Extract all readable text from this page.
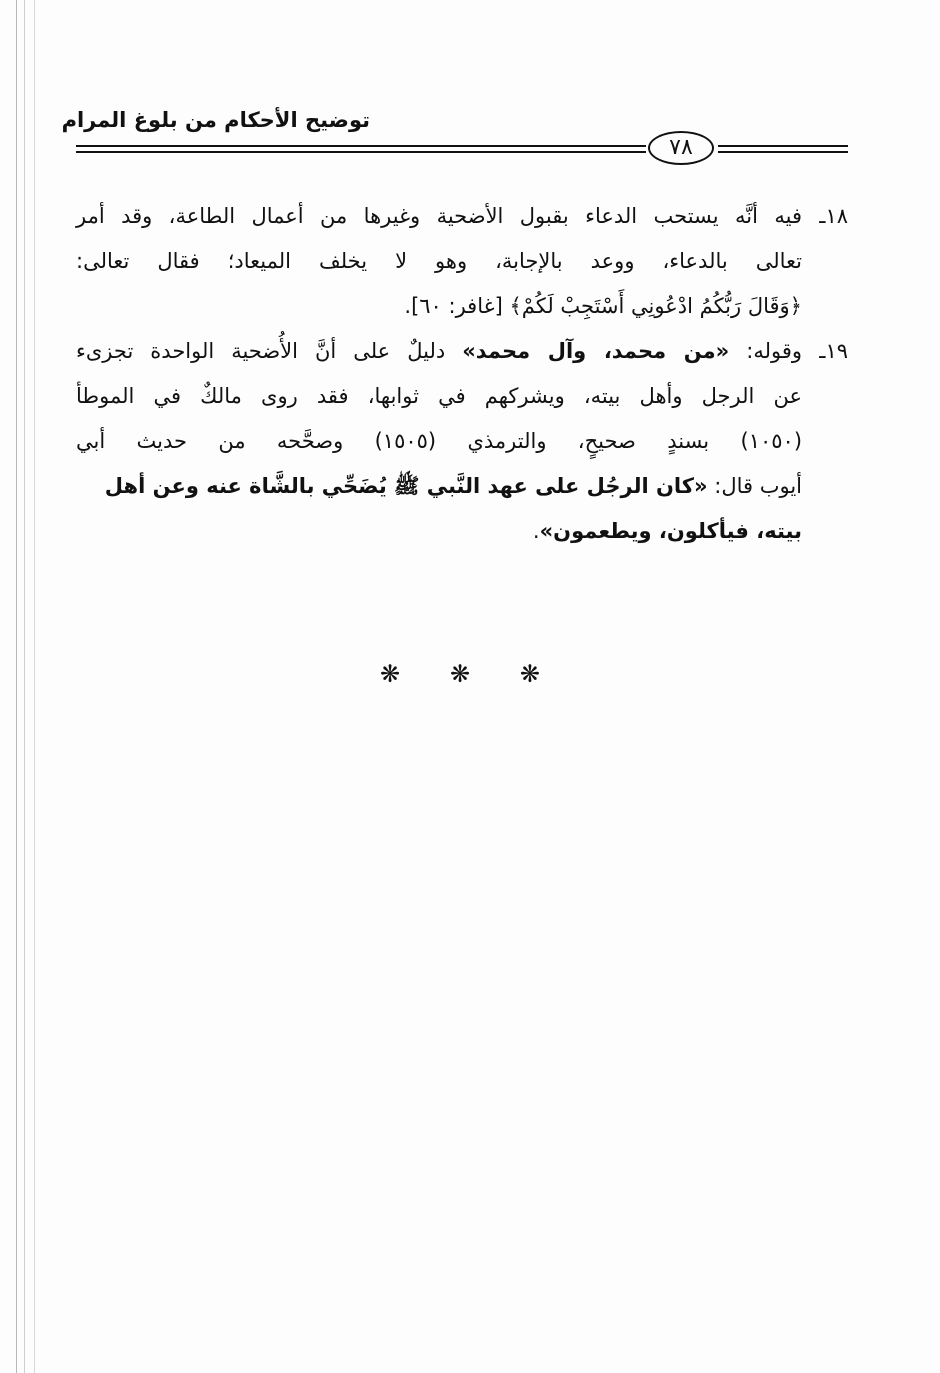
توضيح الأحكام من بلوغ المرام
٧٨
١٨ـفيه أنَّه يستحب الدعاء بقبول الأضحية وغيرها من أعمال الطاعة، وقد أمر
تعالى بالدعاء، ووعد بالإجابة، وهو لا يخلف الميعاد؛ فقال تعالى:
﴿وَقَالَ رَبُّكُمُ ادْعُونِي أَسْتَجِبْ لَكُمْ﴾ [غافر: ٦٠].
١٩ـوقوله: «من محمد، وآل محمد» دليلٌ على أنَّ الأُضحية الواحدة تجزىء
عن الرجل وأهل بيته، ويشركهم في ثوابها، فقد روى مالكٌ في الموطأ
(١٠٥٠) بسندٍ صحيحٍ، والترمذي (١٥٠٥) وصحَّحه من حديث أبي
أيوب قال: «كان الرجُل على عهد النَّبي ﷺ يُضَحِّي بالشَّاة عنه وعن أهل
بيته، فيأكلون، ويطعمون».
❋ ❋ ❋
